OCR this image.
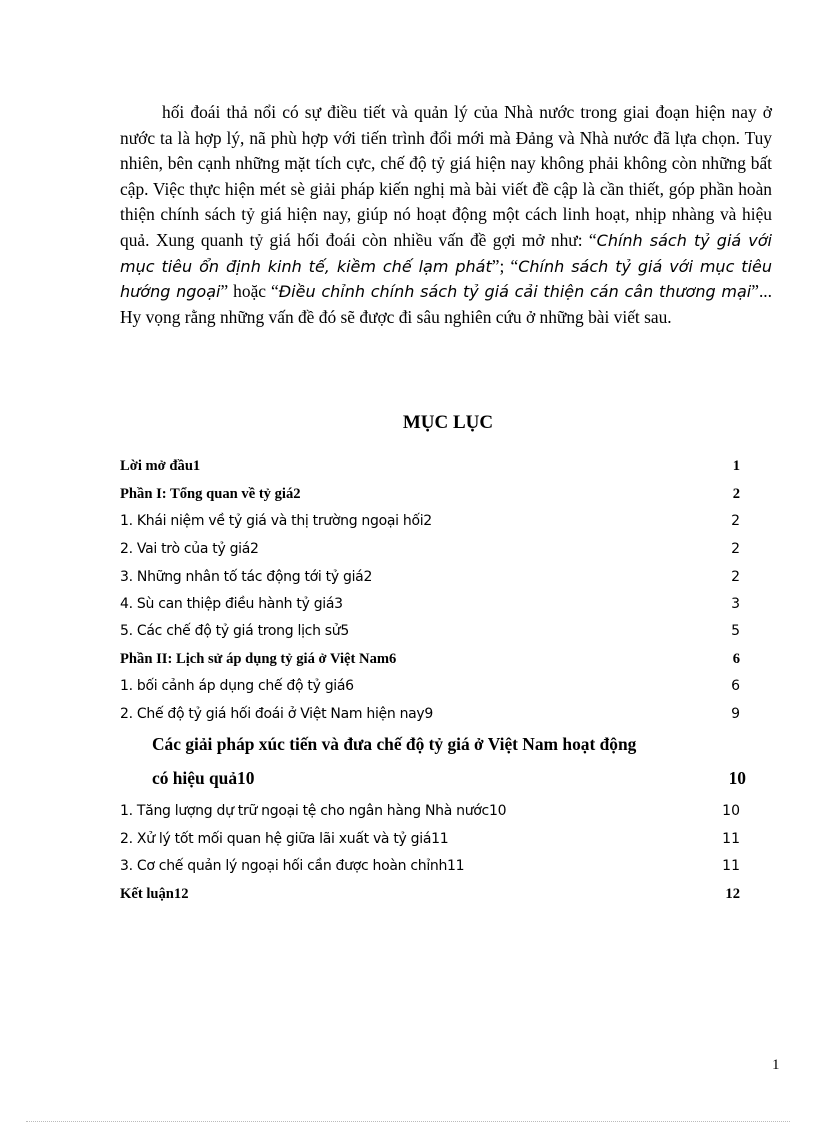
hối đoái thả nổi có sự điều tiết và quản lý của Nhà nước trong giai đoạn hiện nay ở nước ta là hợp lý, nã phù hợp với tiến trình đổi mới mà Đảng và Nhà nước đã lựa chọn. Tuy nhiên, bên cạnh những mặt tích cực, chế độ tỷ giá hiện nay không phải không còn những bất cập. Việc thực hiện mét sè giải pháp kiến nghị mà bài viết đề cập là cần thiết, góp phần hoàn thiện chính sách tỷ giá hiện nay, giúp nó hoạt động một cách linh hoạt, nhịp nhàng và hiệu quả. Xung quanh tỷ giá hối đoái còn nhiều vấn đề gợi mở như: “Chính sách tỷ giá với mục tiêu ổn định kinh tế, kiềm chế lạm phát”; “Chính sách tỷ giá với mục tiêu hướng ngoại” hoặc “Điều chỉnh chính sách tỷ giá cải thiện cán cân thương mại”... Hy vọng rằng những vấn đề đó sẽ được đi sâu nghiên cứu ở những bài viết sau.

MỤC LỤC
Lời mở đầu1	1
Phần I: Tổng quan về tỷ giá2	2
1. Khái niệm về tỷ giá và thị trường ngoại hối2	2
2. Vai trò của tỷ giá2	2
3. Những nhân tố tác động tới tỷ giá2	2
4. Sù can thiệp điều hành tỷ giá3	3
5. Các chế độ tỷ giá trong lịch sử5	5
Phần II: Lịch sử áp dụng tỷ giá ở Việt Nam6	6
1. bối cảnh áp dụng chế độ tỷ giá6	6
2. Chế độ tỷ giá hối đoái ở Việt Nam hiện nay9	9
Các giải pháp xúc tiến và đưa chế độ tỷ giá ở Việt Nam hoạt động
có hiệu quả10	10
1. Tăng lượng dự trữ ngoại tệ cho ngân hàng Nhà nước10	10
2. Xử lý tốt mối quan hệ giữa lãi xuất và tỷ giá11	11
3. Cơ chế quản lý ngoại hối cần được hoàn chỉnh11	11
Kết luận12	12
1
